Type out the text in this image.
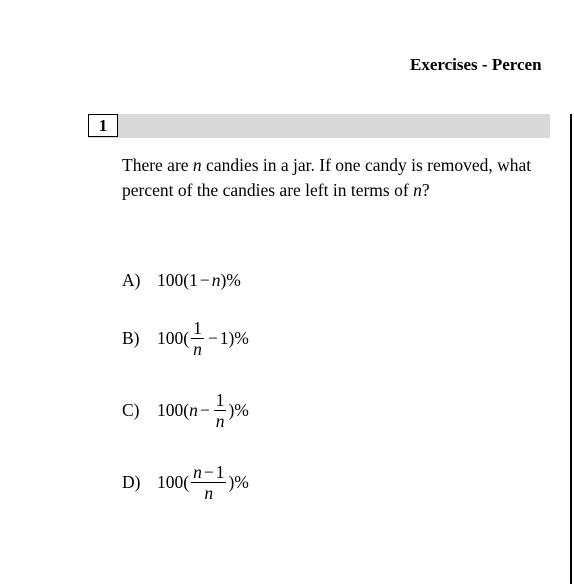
Exercises - Percen
1
There are n candies in a jar. If one candy is removed, what percent of the candies are left in terms of n?
A) 100(1 − n )%
B)	$100( \frac{1}{n} - 1)\%$
C)	100( $n - \frac{1}{n}$ )%
D) $100( \frac{n - 1}{n}$ )%
